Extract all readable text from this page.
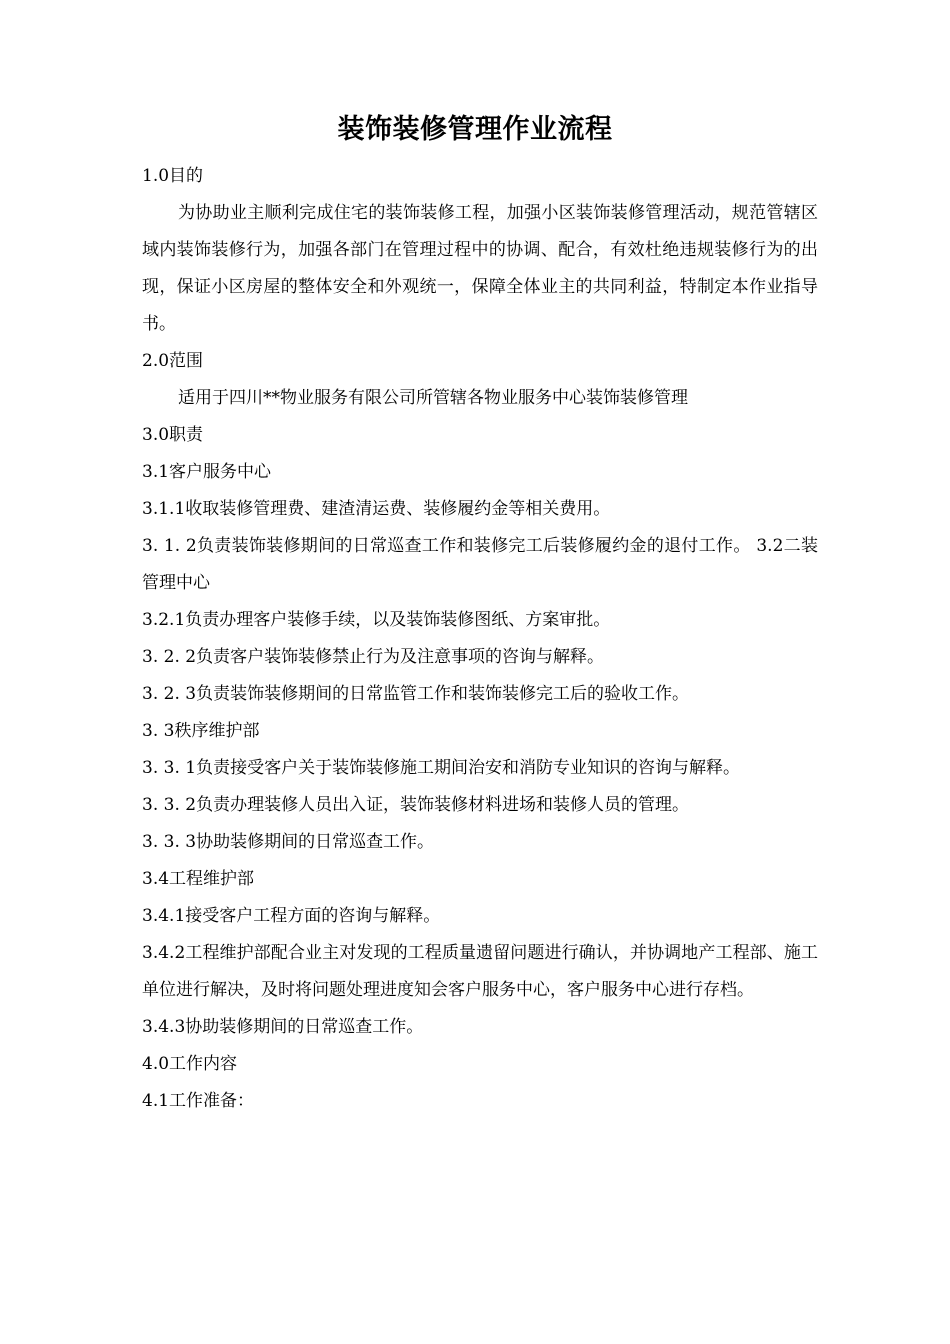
装饰装修管理作业流程

1.0目的

为协助业主顺利完成住宅的装饰装修工程，加强小区装饰装修管理活动，规范管辖区域内装饰装修行为，加强各部门在管理过程中的协调、配合，有效杜绝违规装修行为的出现，保证小区房屋的整体安全和外观统一，保障全体业主的共同利益，特制定本作业指导书。

2.0范围

适用于四川**物业服务有限公司所管辖各物业服务中心装饰装修管理

3.0职责

3.1客户服务中心

3.1.1收取装修管理费、建渣清运费、装修履约金等相关费用。

3. 1. 2负责装饰装修期间的日常巡查工作和装修完工后装修履约金的退付工作。 3.2二装管理中心

3.2.1负责办理客户装修手续，以及装饰装修图纸、方案审批。

3. 2. 2负责客户装饰装修禁止行为及注意事项的咨询与解释。

3. 2. 3负责装饰装修期间的日常监管工作和装饰装修完工后的验收工作。

3. 3秩序维护部

3. 3. 1负责接受客户关于装饰装修施工期间治安和消防专业知识的咨询与解释。

3. 3. 2负责办理装修人员出入证，装饰装修材料进场和装修人员的管理。

3. 3. 3协助装修期间的日常巡查工作。

3.4工程维护部

3.4.1接受客户工程方面的咨询与解释。

3.4.2工程维护部配合业主对发现的工程质量遗留问题进行确认，并协调地产工程部、施工单位进行解决，及时将问题处理进度知会客户服务中心，客户服务中心进行存档。

3.4.3协助装修期间的日常巡查工作。

4.0工作内容

4.1工作准备：
